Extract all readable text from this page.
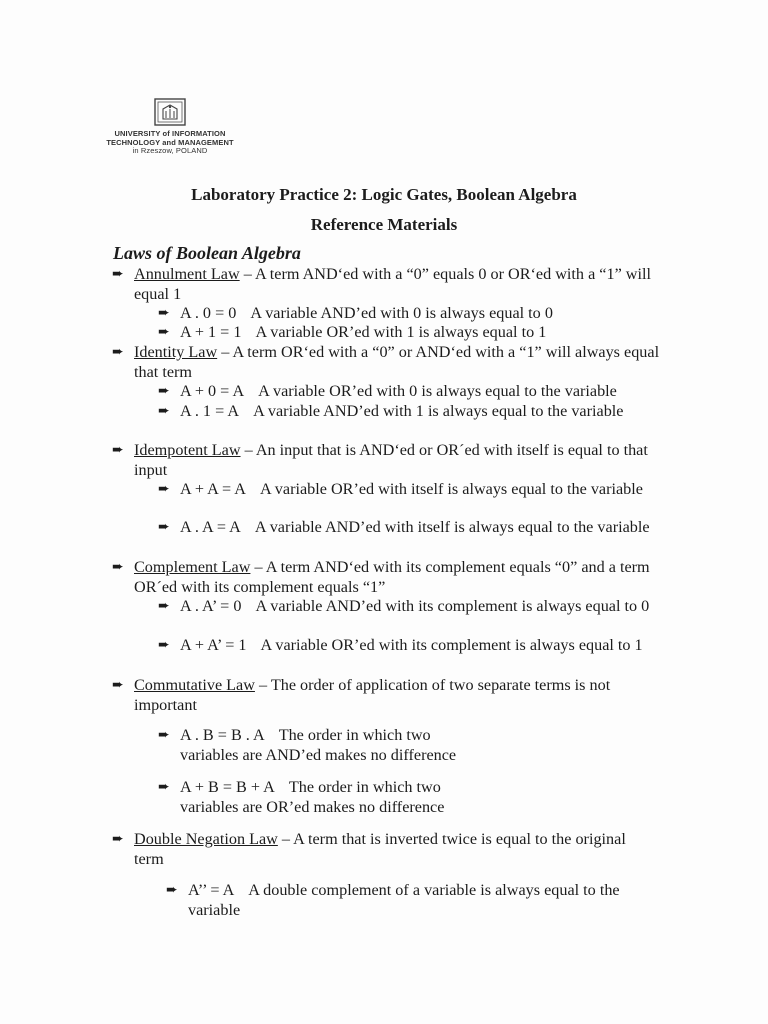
UNIVERSITY of INFORMATION
TECHNOLOGY and MANAGEMENT
in Rzeszow, POLAND
Laboratory Practice 2: Logic Gates, Boolean Algebra
Reference Materials
Laws of Boolean Algebra
➨ Annulment Law – A term AND‘ed with a “0” equals 0 or OR‘ed with a “1” will equal 1
➨ A . 0 = 0 A variable AND’ed with 0 is always equal to 0
➨ A + 1 = 1 A variable OR’ed with 1 is always equal to 1
➨ Identity Law – A term OR‘ed with a “0” or AND‘ed with a “1” will always equal that term
➨ A + 0 = A A variable OR’ed with 0 is always equal to the variable
➨ A . 1 = A A variable AND’ed with 1 is always equal to the variable
➨ Idempotent Law – An input that is AND‘ed or OR´ed with itself is equal to that input
➨ A + A = A A variable OR’ed with itself is always equal to the variable
➨ A . A = A A variable AND’ed with itself is always equal to the variable
➨ Complement Law – A term AND‘ed with its complement equals “0” and a term OR´ed with its complement equals “1”
➨ A . A’ = 0 A variable AND’ed with its complement is always equal to 0
➨ A + A’ = 1 A variable OR’ed with its complement is always equal to 1
➨ Commutative Law – The order of application of two separate terms is not important
➨ A . B = B . A The order in which two variables are AND’ed makes no difference
➨ A + B = B + A The order in which two variables are OR’ed makes no difference
➨ Double Negation Law – A term that is inverted twice is equal to the original term
➨ A’’ = A A double complement of a variable is always equal to the variable
